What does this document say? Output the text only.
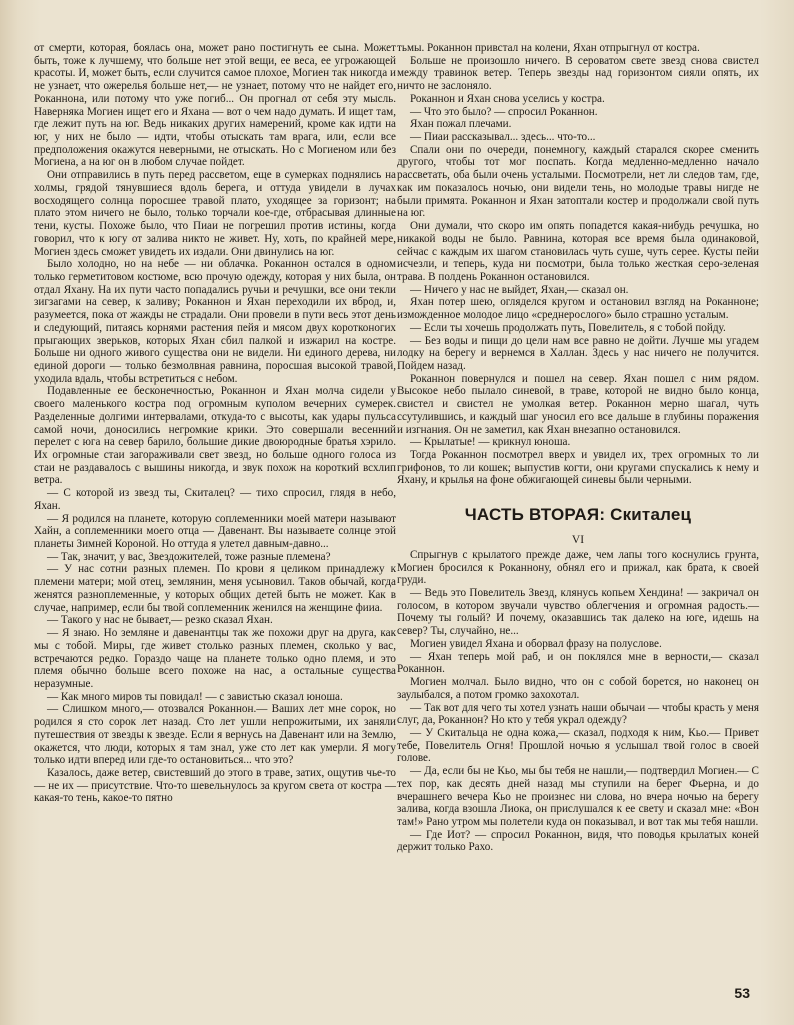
от смерти, которая, боялась она, может рано постигнуть ее сына. Может быть, тоже к лучшему, что больше нет этой вещи, ее веса, ее угрожающей красоты. И, может быть, если случится самое плохое, Могиен так никогда и не узнает, что ожерелья больше нет,— не узнает, потому что не найдет его, Роканнона, или потому что уже погиб... Он прогнал от себя эту мысль. Наверняка Могиен ищет его и Яхана — вот о чем надо думать. И ищет там, где лежит путь на юг. Ведь никаких других намерений, кроме как идти на юг, у них не было — идти, чтобы отыскать там врага, или, если все предположения окажутся неверными, не отыскать. Но с Могиеном или без Могиена, а на юг он в любом случае пойдет.

Они отправились в путь перед рассветом, еще в сумерках поднялись на холмы, грядой тянувшиеся вдоль берега, и оттуда увидели в лучах восходящего солнца поросшее травой плато, уходящее за горизонт; на плато этом ничего не было, только торчали кое-где, отбрасывая длинные тени, кусты. Похоже было, что Пиаи не погрешил против истины, когда говорил, что к югу от залива никто не живет. Ну, хоть, по крайней мере, Могиен здесь сможет увидеть их издали. Они двинулись на юг.

Было холодно, но на небе — ни облачка. Роканнон остался в одном только герметитовом костюме, всю прочую одежду, которая у них была, он отдал Яхану. На их пути часто попадались ручьи и речушки, все они текли зигзагами на север, к заливу; Роканнон и Яхан переходили их вброд, и, разумеется, пока от жажды не страдали. Они провели в пути весь этот день и следующий, питаясь корнями растения пейя и мясом двух коротконогих прыгающих зверьков, которых Яхан сбил палкой и изжарил на костре. Больше ни одного живого существа они не видели. Ни единого дерева, ни единой дороги — только безмолвная равнина, поросшая высокой травой, уходила вдаль, чтобы встретиться с небом.

Подавленные ее бесконечностью, Роканнон и Яхан молча сидели у своего маленького костра под огромным куполом вечерних сумерек. Разделенные долгими интервалами, откуда-то с высоты, как удары пульса самой ночи, доносились негромкие крики. Это совершали весенний перелет с юга на север барило, большие дикие двоюродные братья хэрило. Их огромные стаи загораживали свет звезд, но больше одного голоса из стаи не раздавалось с вышины никогда, и звук похож на короткий всхлип ветра.

— С которой из звезд ты, Скиталец? — тихо спросил, глядя в небо, Яхан.

— Я родился на планете, которую соплеменники моей матери называют Хайн, а соплеменники моего отца — Давенант. Вы называете солнце этой планеты Зимней Короной. Но оттуда я улетел давным-давно...

— Так, значит, у вас, Звездожителей, тоже разные племена?

— У нас сотни разных племен. По крови я целиком принадлежу к племени матери; мой отец, землянин, меня усыновил. Таков обычай, когда женятся разноплеменные, у которых общих детей быть не может. Как в случае, например, если бы твой соплеменник женился на женщине фииа.

— Такого у нас не бывает,— резко сказал Яхан.

— Я знаю. Но земляне и давенантцы так же похожи друг на друга, как мы с тобой. Миры, где живет столько разных племен, сколько у вас, встречаются редко. Гораздо чаще на планете только одно племя, и это племя обычно больше всего похоже на нас, а остальные существа неразумные.

— Как много миров ты повидал! — с завистью сказал юноша.

— Слишком много,— отозвался Роканнон.— Ваших лет мне сорок, но родился я сто сорок лет назад. Сто лет ушли непрожитыми, их заняли путешествия от звезды к звезде. Если я вернусь на Давенант или на Землю, окажется, что люди, которых я там знал, уже сто лет как умерли. Я могу только идти вперед или где-то остановиться... что это?

Казалось, даже ветер, свистевший до этого в траве, затих, ощутив чье-то — не их — присутствие. Что-то шевельнулось за кругом света от костра — какая-то тень, какое-то пятно

тьмы. Роканнон привстал на колени, Яхан отпрыгнул от костра.

Больше не произошло ничего. В сероватом свете звезд снова свистел между травинок ветер. Теперь звезды над горизонтом сияли опять, их ничто не заслоняло.

Роканнон и Яхан снова уселись у костра.

— Что это было? — спросил Роканнон.

Яхан пожал плечами.

— Пиаи рассказывал... здесь... что-то...

Спали они по очереди, понемногу, каждый старался скорее сменить другого, чтобы тот мог поспать. Когда медленно-медленно начало рассветать, оба были очень усталыми. Посмотрели, нет ли следов там, где, как им показалось ночью, они видели тень, но молодые травы нигде не были примята. Роканнон и Яхан затоптали костер и продолжали свой путь на юг.

Они думали, что скоро им опять попадется какая-нибудь речушка, но никакой воды не было. Равнина, которая все время была одинаковой, сейчас с каждым их шагом становилась чуть суше, чуть серее. Кусты пейи исчезли, и теперь, куда ни посмотри, была только жесткая серо-зеленая трава. В полдень Роканнон остановился.

— Ничего у нас не выйдет, Яхан,— сказал он.

Яхан потер шею, огляделся кругом и остановил взгляд на Роканноне; изможденное молодое лицо «среднерослого» было страшно усталым.

— Если ты хочешь продолжать путь, Повелитель, я с тобой пойду.

— Без воды и пищи до цели нам все равно не дойти. Лучше мы угадем лодку на берегу и вернемся в Халлан. Здесь у нас ничего не получится. Пойдем назад.

Роканнон повернулся и пошел на север. Яхан пошел с ним рядом. Высокое небо пылало синевой, в траве, которой не видно было конца, свистел и свистел не умолкая ветер. Роканнон мерно шагал, чуть ссутулившись, и каждый шаг уносил его все дальше в глубины поражения и изгнания. Он не заметил, как Яхан внезапно остановился.

— Крылатые! — крикнул юноша.

Тогда Роканнон посмотрел вверх и увидел их, трех огромных то ли грифонов, то ли кошек; выпустив когти, они кругами спускались к нему и Яхану, и крылья на фоне обжигающей синевы были черными.

ЧАСТЬ ВТОРАЯ: Скиталец

VI

Спрыгнув с крылатого прежде даже, чем лапы того коснулись грунта, Могиен бросился к Роканнону, обнял его и прижал, как брата, к своей груди.

— Ведь это Повелитель Звезд, клянусь копьем Хендина! — закричал он голосом, в котором звучали чувство облегчения и огромная радость.— Почему ты голый? И почему, оказавшись так далеко на юге, идешь на север? Ты, случайно, не...

Могиен увидел Яхана и оборвал фразу на полуслове.

— Яхан теперь мой раб, и он поклялся мне в верности,— сказал Роканнон.

Могиен молчал. Было видно, что он с собой борется, но наконец он заулыбался, а потом громко захохотал.

— Так вот для чего ты хотел узнать наши обычаи — чтобы красть у меня слуг, да, Роканнон? Но кто у тебя украл одежду?

— У Скитальца не одна кожа,— сказал, подходя к ним, Кьо.— Привет тебе, Повелитель Огня! Прошлой ночью я услышал твой голос в своей голове.

— Да, если бы не Кьо, мы бы тебя не нашли,— подтвердил Могиен.— С тех пор, как десять дней назад мы ступили на берег Фьерна, и до вчерашнего вечера Кьо не произнес ни слова, но вчера ночью на берегу залива, когда взошла Лиока, он прислушался к ее свету и сказал мне: «Вон там!» Рано утром мы полетели куда он показывал, и вот так мы тебя нашли.

— Где Иот? — спросил Роканнон, видя, что поводья крылатых коней держит только Рахо.

53
